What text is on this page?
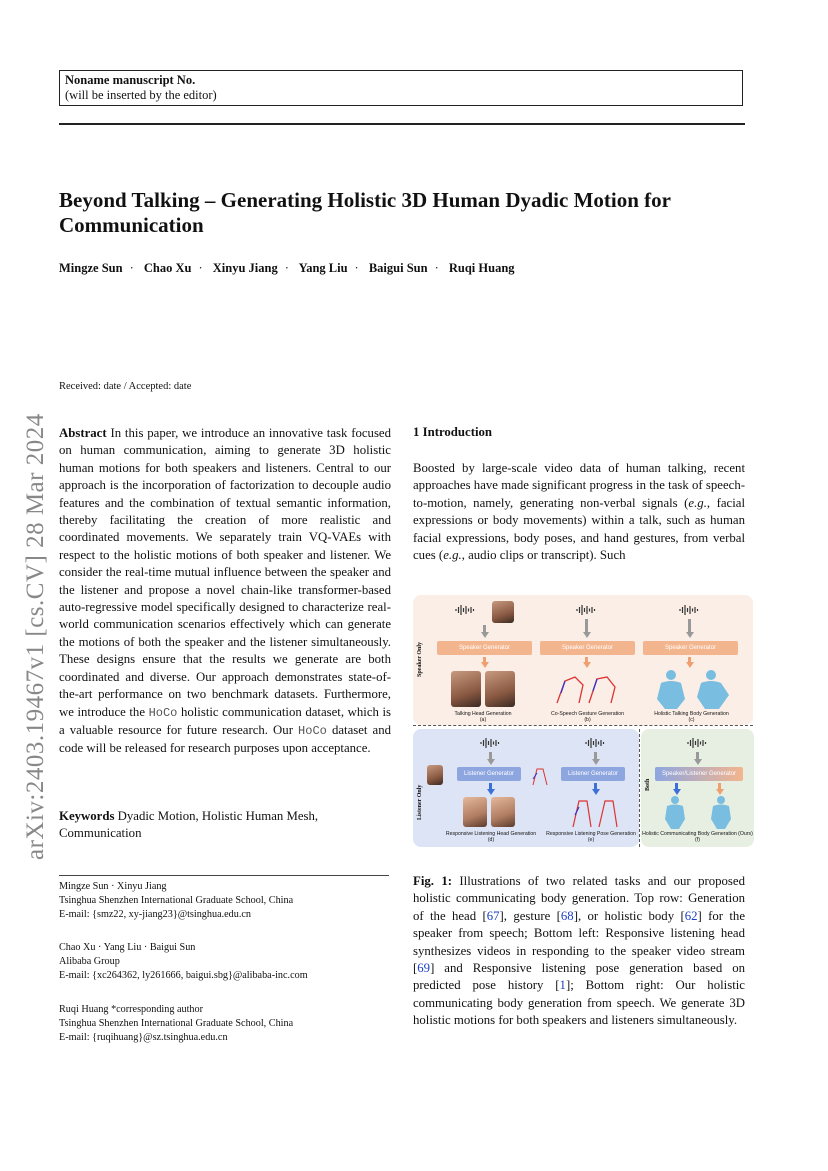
Noname manuscript No.
(will be inserted by the editor)
Beyond Talking – Generating Holistic 3D Human Dyadic Motion for Communication
Mingze Sun · Chao Xu · Xinyu Jiang · Yang Liu · Baigui Sun · Ruqi Huang
arXiv:2403.19467v1 [cs.CV] 28 Mar 2024
Received: date / Accepted: date
Abstract In this paper, we introduce an innovative task focused on human communication, aiming to generate 3D holistic human motions for both speakers and listeners. Central to our approach is the incorporation of factorization to decouple audio features and the combination of textual semantic information, thereby facilitating the creation of more realistic and coordinated movements. We separately train VQ-VAEs with respect to the holistic motions of both speaker and listener. We consider the real-time mutual influence between the speaker and the listener and propose a novel chain-like transformer-based auto-regressive model specifically designed to characterize real-world communication scenarios effectively which can generate the motions of both the speaker and the listener simultaneously. These designs ensure that the results we generate are both coordinated and diverse. Our approach demonstrates state-of-the-art performance on two benchmark datasets. Furthermore, we introduce the HoCo holistic communication dataset, which is a valuable resource for future research. Our HoCo dataset and code will be released for research purposes upon acceptance.
Keywords Dyadic Motion, Holistic Human Mesh, Communication
Mingze Sun · Xinyu Jiang
Tsinghua Shenzhen International Graduate School, China
E-mail: {smz22, xy-jiang23}@tsinghua.edu.cn
Chao Xu · Yang Liu · Baigui Sun
Alibaba Group
E-mail: {xc264362, ly261666, baigui.sbg}@alibaba-inc.com
Ruqi Huang *corresponding author
Tsinghua Shenzhen International Graduate School, China
E-mail: {ruqihuang}@sz.tsinghua.edu.cn
1 Introduction
Boosted by large-scale video data of human talking, recent approaches have made significant progress in the task of speech-to-motion, namely, generating non-verbal signals (e.g., facial expressions or body movements) within a talk, such as human facial expressions, body poses, and hand gestures, from verbal cues (e.g., audio clips or transcript). Such
Speaker Only
Listener Only	Both
Speaker Generator	Speaker Generator	Speaker Generator
Talking Head Generation
(a)
Co-Speech Gesture Generation
(b)
Holistic Talking Body Generation
(c)
Listener Generator	Listener Generator	Speaker/Listener Generator
Responsive Listening Head Generation
(d)
Responsive Listening Pose Generation
(e)
Holistic Communicating Body Generation (Ours)
(f)
Fig. 1: Illustrations of two related tasks and our proposed holistic communicating body generation. Top row: Generation of the head [67], gesture [68], or holistic body [62] for the speaker from speech; Bottom left: Responsive listening head synthesizes videos in responding to the speaker video stream [69] and Responsive listening pose generation based on predicted pose history [1]; Bottom right: Our holistic communicating body generation from speech. We generate 3D holistic motions for both speakers and listeners simultaneously.
